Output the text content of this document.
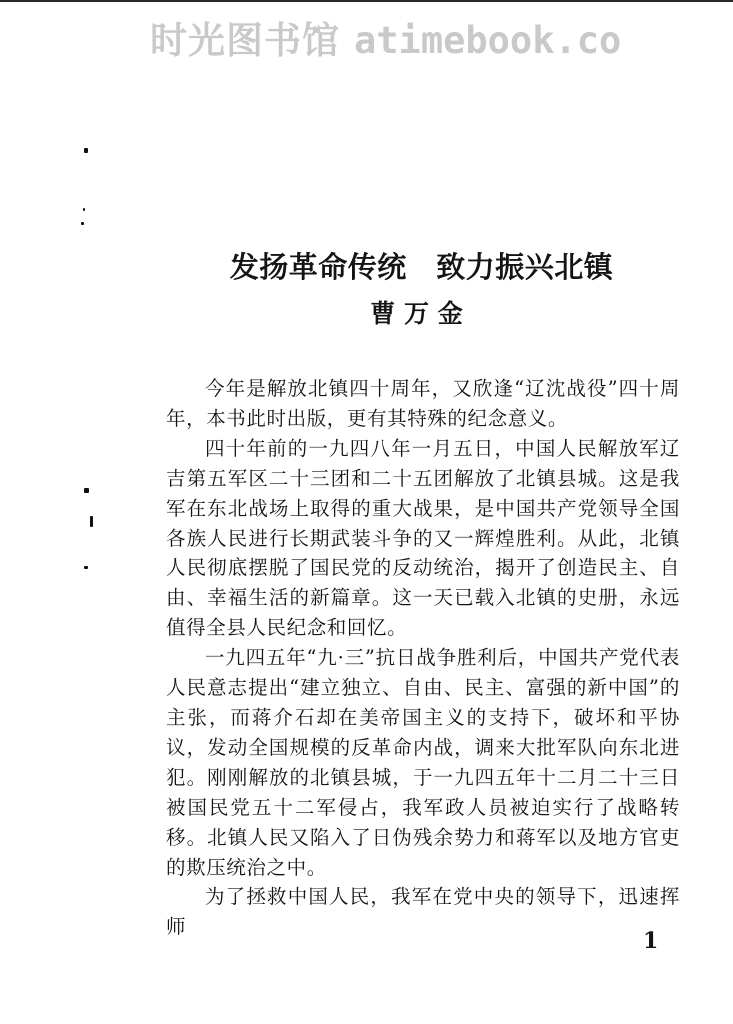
时光图书馆 atimebook.co
发扬革命传统　致力振兴北镇
曹 万 金

今年是解放北镇四十周年，又欣逢“辽沈战役”四十周年，本书此时出版，更有其特殊的纪念意义。

四十年前的一九四八年一月五日，中国人民解放军辽吉第五军区二十三团和二十五团解放了北镇县城。这是我军在东北战场上取得的重大战果，是中国共产党领导全国各族人民进行长期武装斗争的又一辉煌胜利。从此，北镇人民彻底摆脱了国民党的反动统治，揭开了创造民主、自由、幸福生活的新篇章。这一天已载入北镇的史册，永远值得全县人民纪念和回忆。

一九四五年“九·三”抗日战争胜利后，中国共产党代表人民意志提出“建立独立、自由、民主、富强的新中国”的主张，而蒋介石却在美帝国主义的支持下，破坏和平协议，发动全国规模的反革命内战，调来大批军队向东北进犯。刚刚解放的北镇县城，于一九四五年十二月二十三日被国民党五十二军侵占，我军政人员被迫实行了战略转移。北镇人民又陷入了日伪残余势力和蒋军以及地方官吏的欺压统治之中。

为了拯救中国人民，我军在党中央的领导下，迅速挥师

1
